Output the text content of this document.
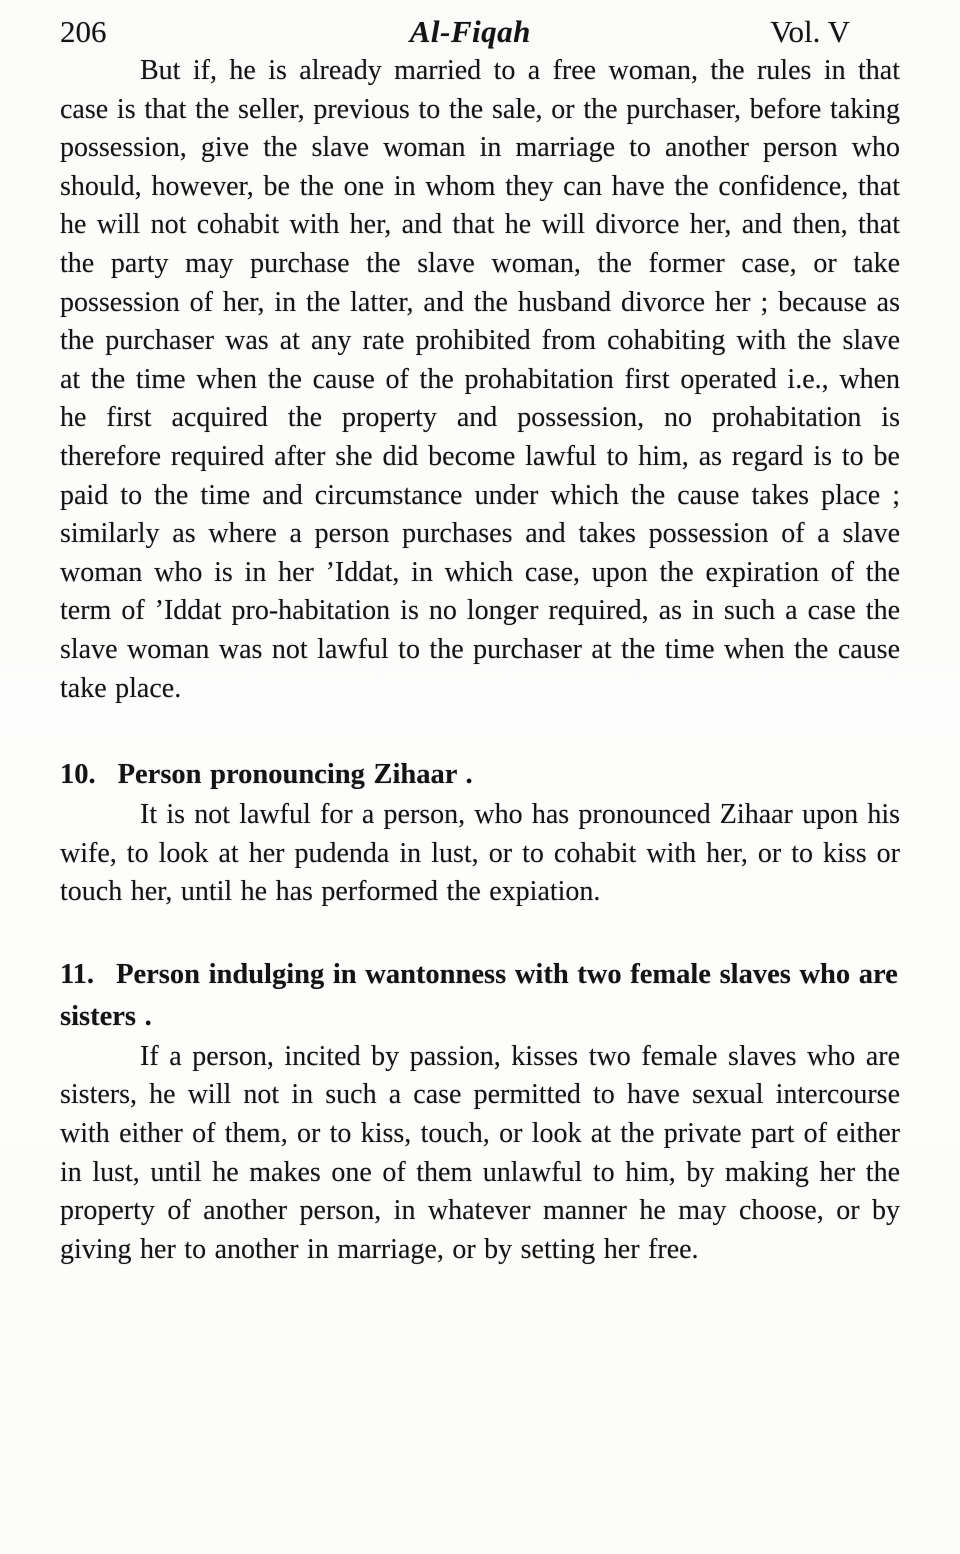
206	Al-Fiqah	Vol. V

But if, he is already married to a free woman, the rules in that case is that the seller, previous to the sale, or the purchaser, before taking possession, give the slave woman in marriage to another person who should, however, be the one in whom they can have the confidence, that he will not cohabit with her, and that he will divorce her, and then, that the party may purchase the slave woman, the former case, or take possession of her, in the latter, and the husband divorce her ; because as the purchaser was at any rate prohibited from cohabiting with the slave at the time when the cause of the prohabitation first operated i.e., when he first acquired the property and possession, no prohabitation is therefore required after she did become lawful to him, as regard is to be paid to the time and circumstance under which the cause takes place ; similarly as where a person purchases and takes possession of a slave woman who is in her ’Iddat, in which case, upon the expiration of the term of ’Iddat pro-habitation is no longer required, as in such a case the slave woman was not lawful to the purchaser at the time when the cause take place.

10. Person pronouncing Zihaar .

It is not lawful for a person, who has pronounced Zihaar upon his wife, to look at her pudenda in lust, or to cohabit with her, or to kiss or touch her, until he has performed the expiation.

11. Person indulging in wantonness with two female slaves who are sisters .

If a person, incited by passion, kisses two female slaves who are sisters, he will not in such a case permitted to have sexual intercourse with either of them, or to kiss, touch, or look at the private part of either in lust, until he makes one of them unlawful to him, by making her the property of another person, in whatever manner he may choose, or by giving her to another in marriage, or by setting her free.
